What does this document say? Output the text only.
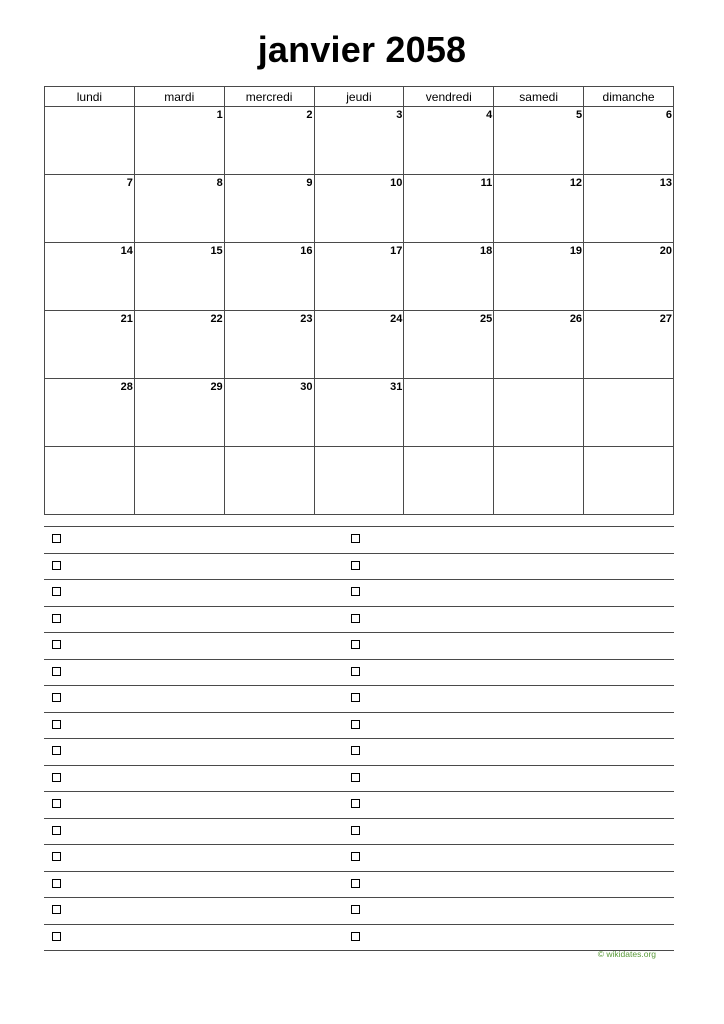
janvier 2058
lundi	mardi	mercredi	jeudi	vendredi	samedi	dimanche
	1	2	3	4	5	6
7	8	9	10	11	12	13
14	15	16	17	18	19	20
21	22	23	24	25	26	27
28	29	30	31			

© wikidates.org
